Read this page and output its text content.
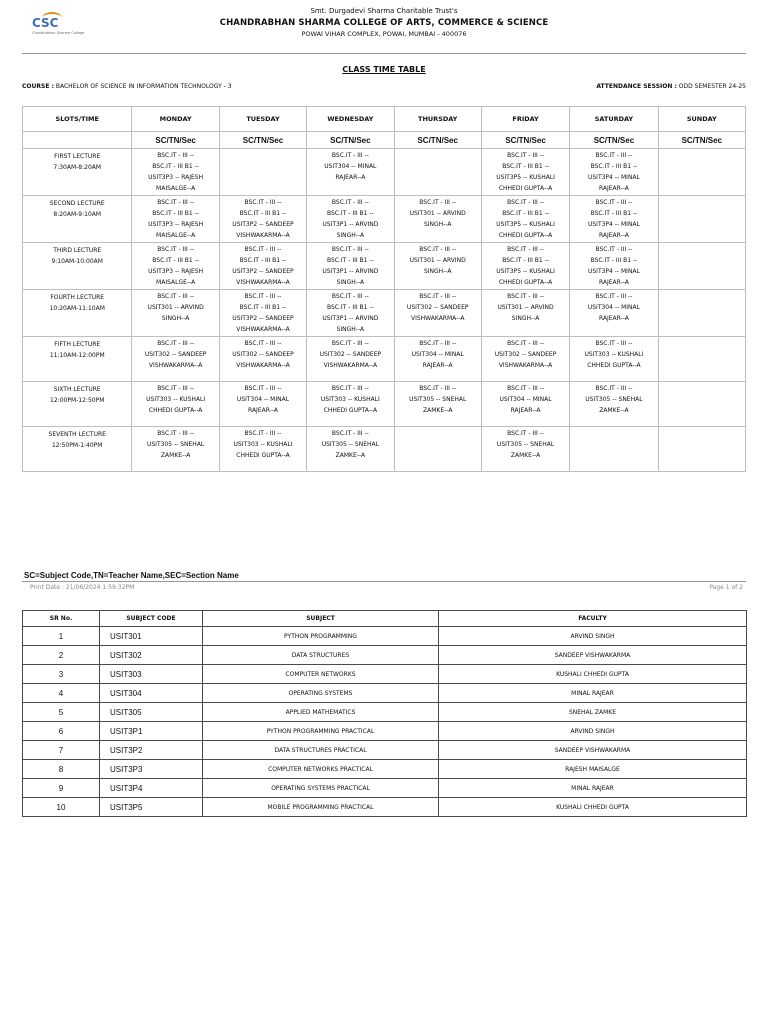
CSC
Chandrabhan Sharma College
Smt. Durgadevi Sharma Charitable Trust's
CHANDRABHAN SHARMA COLLEGE OF ARTS, COMMERCE & SCIENCE
POWAI VIHAR COMPLEX, POWAI, MUMBAI - 400076
CLASS TIME TABLE
COURSE : BACHELOR OF SCIENCE IN INFORMATION TECHNOLOGY - 3	ATTENDANCE SESSION : ODD SEMESTER 24-25
SLOTS/TIME	MONDAY	TUESDAY	WEDNESDAY	THURSDAY	FRIDAY	SATURDAY	SUNDAY
	SC/TN/Sec	SC/TN/Sec	SC/TN/Sec	SC/TN/Sec	SC/TN/Sec	SC/TN/Sec	SC/TN/Sec

FIRST LECTURE
7:30AM-8:20AM	BSC.IT - III --
BSC.IT - III B1 --
USIT3P3 -- RAJESH
MAISALGE--A		BSC.IT - III --
USIT304 -- MINAL
RAJEAR--A		BSC.IT - III --
BSC.IT - III B1 --
USIT3P5 -- KUSHALI
CHHEDI GUPTA--A	BSC.IT - III --
BSC.IT - III B1 --
USIT3P4 -- MINAL
RAJEAR--A	

SECOND LECTURE
8:20AM-9:10AM	BSC.IT - III --
BSC.IT - III B1 --
USIT3P3 -- RAJESH
MAISALGE--A	BSC.IT - III --
BSC.IT - III B1 --
USIT3P2 -- SANDEEP
VISHWAKARMA--A	BSC.IT - III --
BSC.IT - III B1 --
USIT3P1 -- ARVIND
SINGH--A	BSC.IT - III --
USIT301 -- ARVIND
SINGH--A	BSC.IT - III --
BSC.IT - III B1 --
USIT3P5 -- KUSHALI
CHHEDI GUPTA--A	BSC.IT - III --
BSC.IT - III B1 --
USIT3P4 -- MINAL
RAJEAR--A	

THIRD LECTURE
9:10AM-10:00AM	BSC.IT - III --
BSC.IT - III B1 --
USIT3P3 -- RAJESH
MAISALGE--A	BSC.IT - III --
BSC.IT - III B1 --
USIT3P2 -- SANDEEP
VISHWAKARMA--A	BSC.IT - III --
BSC.IT - III B1 --
USIT3P1 -- ARVIND
SINGH--A	BSC.IT - III --
USIT301 -- ARVIND
SINGH--A	BSC.IT - III --
BSC.IT - III B1 --
USIT3P5 -- KUSHALI
CHHEDI GUPTA--A	BSC.IT - III --
BSC.IT - III B1 --
USIT3P4 -- MINAL
RAJEAR--A	

FOURTH LECTURE
10:20AM-11:10AM	BSC.IT - III --
USIT301 -- ARVIND
SINGH--A	BSC.IT - III --
BSC.IT - III B1 --
USIT3P2 -- SANDEEP
VISHWAKARMA--A	BSC.IT - III --
BSC.IT - III B1 --
USIT3P1 -- ARVIND
SINGH--A	BSC.IT - III --
USIT302 -- SANDEEP
VISHWAKARMA--A	BSC.IT - III --
USIT301 -- ARVIND
SINGH--A	BSC.IT - III --
USIT304 -- MINAL
RAJEAR--A	

FIFTH LECTURE
11:10AM-12:00PM	BSC.IT - III --
USIT302 -- SANDEEP
VISHWAKARMA--A	BSC.IT - III --
USIT302 -- SANDEEP
VISHWAKARMA--A	BSC.IT - III --
USIT302 -- SANDEEP
VISHWAKARMA--A	BSC.IT - III --
USIT304 -- MINAL
RAJEAR--A	BSC.IT - III --
USIT302 -- SANDEEP
VISHWAKARMA--A	BSC.IT - III --
USIT303 -- KUSHALI
CHHEDI GUPTA--A	

SIXTH LECTURE
12:00PM-12:50PM	BSC.IT - III --
USIT303 -- KUSHALI
CHHEDI GUPTA--A	BSC.IT - III --
USIT304 -- MINAL
RAJEAR--A	BSC.IT - III --
USIT303 -- KUSHALI
CHHEDI GUPTA--A	BSC.IT - III --
USIT305 -- SNEHAL
ZAMKE--A	BSC.IT - III --
USIT304 -- MINAL
RAJEAR--A	BSC.IT - III --
USIT305 -- SNEHAL
ZAMKE--A	

SEVENTH LECTURE
12:50PM-1:40PM	BSC.IT - III --
USIT305 -- SNEHAL
ZAMKE--A	BSC.IT - III --
USIT303 -- KUSHALI
CHHEDI GUPTA--A	BSC.IT - III --
USIT305 -- SNEHAL
ZAMKE--A		BSC.IT - III --
USIT305 -- SNEHAL
ZAMKE--A		

SC=Subject Code,TN=Teacher Name,SEC=Section Name
Print Date : 21/06/2024 1:59:32PM	Page 1 of 2
SR No.	SUBJECT CODE	SUBJECT	FACULTY
1	USIT301	PYTHON PROGRAMMING	ARVIND SINGH
2	USIT302	DATA STRUCTURES	SANDEEP VISHWAKARMA
3	USIT303	COMPUTER NETWORKS	KUSHALI CHHEDI GUPTA
4	USIT304	OPERATING SYSTEMS	MINAL RAJEAR
5	USIT305	APPLIED MATHEMATICS	SNEHAL ZAMKE
6	USIT3P1	PYTHON PROGRAMMING PRACTICAL	ARVIND SINGH
7	USIT3P2	DATA STRUCTURES PRACTICAL	SANDEEP VISHWAKARMA
8	USIT3P3	COMPUTER NETWORKS PRACTICAL	RAJESH MAISALGE
9	USIT3P4	OPERATING SYSTEMS PRACTICAL	MINAL RAJEAR
10	USIT3P5	MOBILE PROGRAMMING PRACTICAL	KUSHALI CHHEDI GUPTA
